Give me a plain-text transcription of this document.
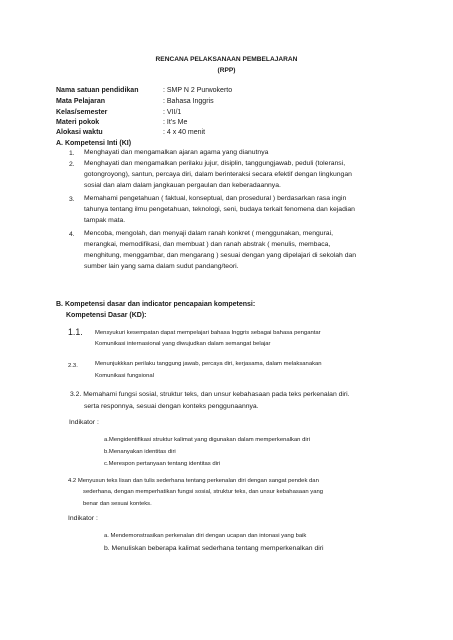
RENCANA PELAKSANAAN PEMBELAJARAN
(RPP)
Nama satuan pendidikan	: SMP N 2 Purwokerto
Mata Pelajaran	: Bahasa Inggris
Kelas/semester	: VII/1
Materi pokok	: It’s Me
Alokasi waktu	: 4 x 40 menit
A. Kompetensi Inti (KI)
1. Menghayati dan mengamalkan ajaran agama yang dianutnya
2. Menghayati dan mengamalkan perilaku jujur, disiplin, tanggungjawab, peduli (toleransi,
gotongroyong), santun, percaya diri, dalam berinteraksi secara efektif dengan lingkungan
sosial dan alam dalam jangkauan pergaulan dan keberadaannya.
3. Memahami pengetahuan ( faktual, konseptual, dan prosedural ) berdasarkan rasa ingin
tahunya tentang ilmu pengetahuan, teknologi, seni, budaya terkait fenomena dan kejadian
tampak mata.
4. Mencoba, mengolah, dan menyaji dalam ranah konkret ( menggunakan, mengurai,
merangkai, memodifikasi, dan membuat ) dan ranah abstrak ( menulis, membaca,
menghitung, menggambar, dan mengarang ) sesuai dengan yang dipelajari di sekolah dan
sumber lain yang sama dalam sudut pandang/teori.
B. Kompetensi dasar dan indicator pencapaian kompetensi:
Kompetensi Dasar (KD):
1.1. Mensyukuri kesempatan dapat mempelajari bahasa Inggris sebagai bahasa pengantar
Komunikasi internasional yang diwujudkan dalam semangat belajar
2.3.	Menunjukkkan perilaku tanggung jawab, percaya diri, kerjasama, dalam melaksanakan
Komunikasi fungsional
3.2. Memahami fungsi sosial, struktur teks, dan unsur kebahasaan pada teks perkenalan diri.
serta responnya, sesuai dengan konteks penggunaannya.
Indikator :
a.Mengidentifikasi struktur kalimat yang digunakan dalam memperkenalkan diri
b.Menanyakan identitas diri
c.Merespon pertanyaan tentang identitas diri
4.2 Menyusun teks lisan dan tulis sederhana tentang perkenalan diri dengan sangat pendek dan
sederhana, dengan memperhatikan fungsi sosial, struktur teks, dan unsur kebahasaan yang
benar dan sesuai konteks.
Indikator :
a. Mendemonstrasikan perkenalan diri dengan ucapan dan intonasi yang baik
b. Menuliskan beberapa kalimat sederhana tentang memperkenalkan diri
